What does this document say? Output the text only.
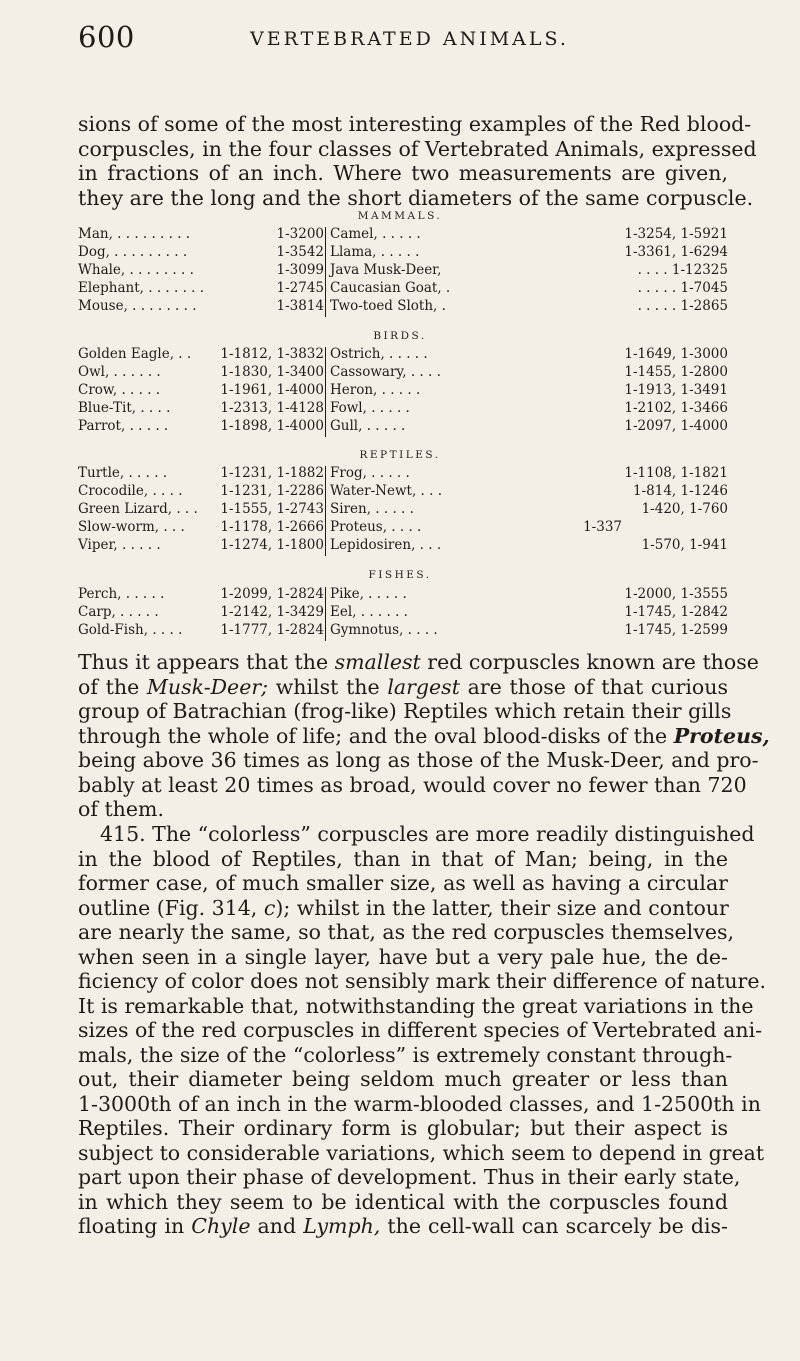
600	VERTEBRATED ANIMALS.
sions of some of the most interesting examples of the Red blood-
corpuscles, in the four classes of Vertebrated Animals, expressed
in fractions of an inch. Where two measurements are given,
they are the long and the short diameters of the same corpuscle.
MAMMALS.
Man, . . . . . . . . .	1-3200 Camel, . . . . .	1-3254, 1-5921
Dog, . . . . . . . . .	1-3542 Llama, . . . . .	1-3361, 1-6294
Whale, . . . . . . . .	1-3099 Java Musk-Deer,	. . . . 1-12325
Elephant, . . . . . . .	1-2745 Caucasian Goat, .	. . . . . 1-7045
Mouse, . . . . . . . .	1-3814 Two-toed Sloth, .	. . . . . 1-2865
BIRDS.
Golden Eagle, . . 1-1812, 1-3832 Ostrich, . . . . .	1-1649, 1-3000
Owl, . . . . . .	1-1830, 1-3400 Cassowary, . . . .	1-1455, 1-2800
Crow, . . . . .	1-1961, 1-4000 Heron, . . . . .	1-1913, 1-3491
Blue-Tit, . . . .	1-2313, 1-4128 Fowl, . . . . .	1-2102, 1-3466
Parrot, . . . . .	1-1898, 1-4000 Gull, . . . . .	1-2097, 1-4000
REPTILES.
Turtle, . . . . .	1-1231, 1-1882 Frog, . . . . .	1-1108, 1-1821
Crocodile, . . . .	1-1231, 1-2286 Water-Newt, . . .	1-814, 1-1246
Green Lizard, . . . 1-1555, 1-2743 Siren, . . . . .	1-420, 1-760
Slow-worm, . . .	1-1178, 1-2666 Proteus, . . . .	1-337
Viper, . . . . .	1-1274, 1-1800 Lepidosiren, . . .	1-570, 1-941
FISHES.
Perch, . . . . .	1-2099, 1-2824 Pike, . . . . .	1-2000, 1-3555
Carp, . . . . .	1-2142, 1-3429 Eel, . . . . . .	1-1745, 1-2842
Gold-Fish, . . . .	1-1777, 1-2824 Gymnotus, . . . .	1-1745, 1-2599
Thus it appears that the smallest red corpuscles known are those
of the Musk-Deer; whilst the largest are those of that curious
group of Batrachian (frog-like) Reptiles which retain their gills
through the whole of life; and the oval blood-disks of the Proteus,
being above 36 times as long as those of the Musk-Deer, and pro-
bably at least 20 times as broad, would cover no fewer than 720
of them.
415. The “colorless” corpuscles are more readily distinguished
in the blood of Reptiles, than in that of Man; being, in the
former case, of much smaller size, as well as having a circular
outline (Fig. 314, c); whilst in the latter, their size and contour
are nearly the same, so that, as the red corpuscles themselves,
when seen in a single layer, have but a very pale hue, the de-
ficiency of color does not sensibly mark their difference of nature.
It is remarkable that, notwithstanding the great variations in the
sizes of the red corpuscles in different species of Vertebrated ani-
mals, the size of the “colorless” is extremely constant through-
out, their diameter being seldom much greater or less than
1-3000th of an inch in the warm-blooded classes, and 1-2500th in
Reptiles. Their ordinary form is globular; but their aspect is
subject to considerable variations, which seem to depend in great
part upon their phase of development. Thus in their early state,
in which they seem to be identical with the corpuscles found
floating in Chyle and Lymph, the cell-wall can scarcely be dis-
